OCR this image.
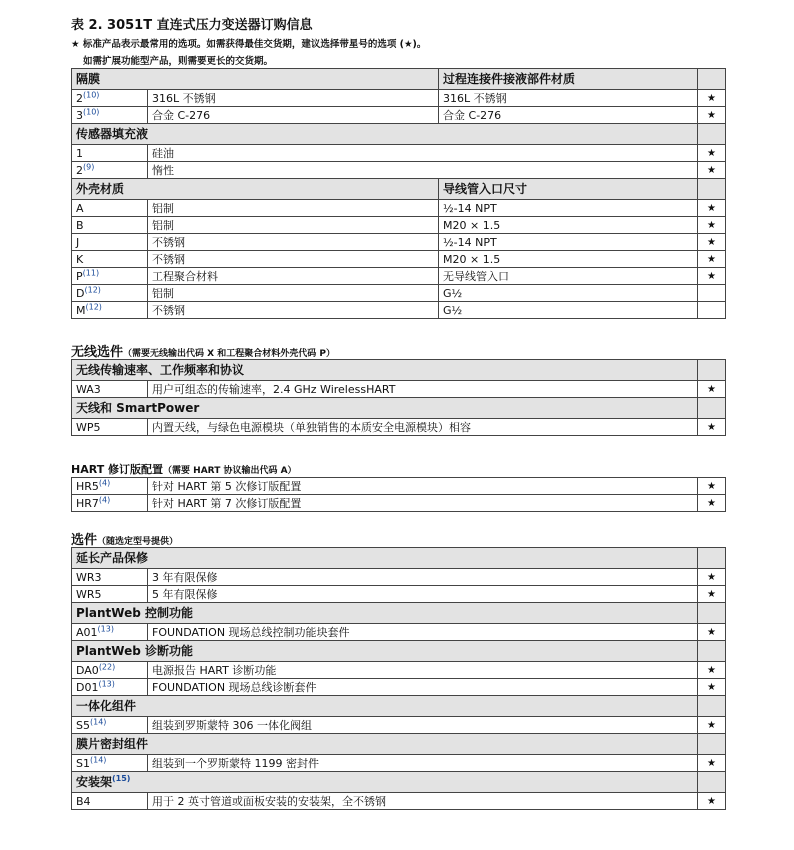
表 2. 3051T 直连式压力变送器订购信息
★ 标准产品表示最常用的选项。如需获得最佳交货期，建议选择带星号的选项 (★)。
如需扩展功能型产品，则需要更长的交货期。
隔膜		过程连接件接液部件材质	
2$^{(10)}$	316L 不锈钢	316L 不锈钢	★
3$^{(10)}$	合金 C-276	合金 C-276	★
传感器填充液			
1	硅油		★
2$^{(9)}$	惰性		★
外壳材质		导线管入口尺寸	
A	铝制	½-14 NPT	★
B	铝制	M20 × 1.5	★
J	不锈钢	½-14 NPT	★
K	不锈钢	M20 × 1.5	★
$P^{(11)}$	工程聚合材料	无导线管入口	★
$D^{(12)}$	铝制	G½	
$M^{(12)}$	不锈钢	G½	
无线选件（需要无线输出代码 X 和工程聚合材料外壳代码 P）
无线传输速率、工作频率和协议		
WA3	用户可组态的传输速率，2.4 GHz WirelessHART	★
天线和 SmartPower		
WP5	内置天线，与绿色电源模块（单独销售的本质安全电源模块）相容	★
HART 修订版配置（需要 HART 协议输出代码 A）
HR5$^{(4)}$	针对 HART 第 5 次修订版配置	★
HR7$^{(4)}$	针对 HART 第 7 次修订版配置	★
选件（随选定型号提供）
延长产品保修		
WR3	3 年有限保修	★
WR5	5 年有限保修	★
PlantWeb 控制功能		
A01$^{(13)}$	FOUNDATION 现场总线控制功能块套件	★
PlantWeb 诊断功能		
DA0$^{(22)}$	电源报告 HART 诊断功能	★
D01$^{(13)}$	FOUNDATION 现场总线诊断套件	★
一体化组件		
S5$^{(14)}$	组装到罗斯蒙特 306 一体化阀组	★
膜片密封组件		
S1$^{(14)}$	组装到一个罗斯蒙特 1199 密封件	★
安装架$^{(15)}$	
B4	用于 2 英寸管道或面板安装的安装架，全不锈钢	★
